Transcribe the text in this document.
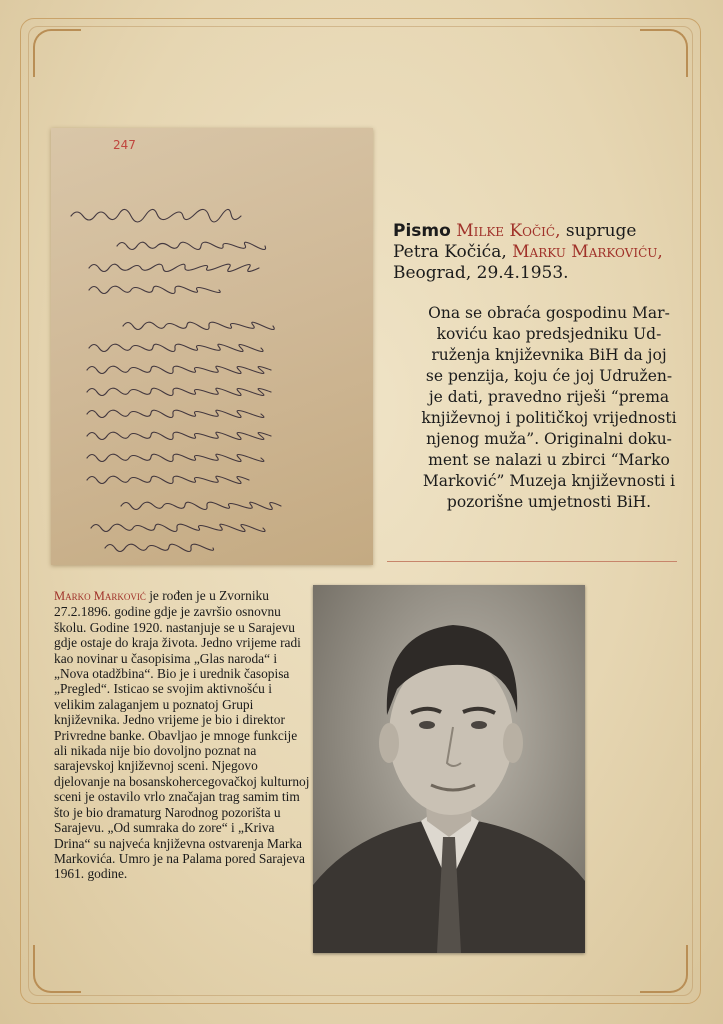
247
Pismo Milke Kočić, supruge
Petra Kočića, Marku Markoviću,
Beograd, 29.4.1953.
Ona se obraća gospodinu Mar-
koviću kao predsjedniku Ud-
ruženja književnika BiH da joj
se penzija, koju će joj Udružen-
je dati, pravedno riješi “prema
književnoj i političkoj vrijednosti
njenog muža”. Originalni doku-
ment se nalazi u zbirci “Marko
Marković” Muzeja književnosti i
pozorišne umjetnosti BiH.
Marko Marković je rođen je u Zvorniku 27.2.1896. godine gdje je završio osnovnu školu. Godine 1920. nastanjuje se u Sarajevu gdje ostaje do kraja života. Jedno vrijeme radi kao novinar u časopisima „Glas naroda“ i „Nova otadžbina“. Bio je i urednik časopisa „Pregled“. Isticao se svojim aktivnošću i velikim zalaganjem u poznatoj Grupi književnika. Jedno vrijeme je bio i direktor Privredne banke. Obavljao je mnoge funkcije ali nikada nije bio dovoljno poznat na sarajevskoj književnoj sceni. Njegovo djelovanje na bosanskohercegovačkoj kulturnoj sceni je ostavilo vrlo značajan trag samim tim što je bio dramaturg Narodnog pozorišta u Sarajevu. „Od sumraka do zore“ i „Kriva Drina“ su najveća književna ostvarenja Marka Markovića. Umro je na Palama pored Sarajeva 1961. godine.
